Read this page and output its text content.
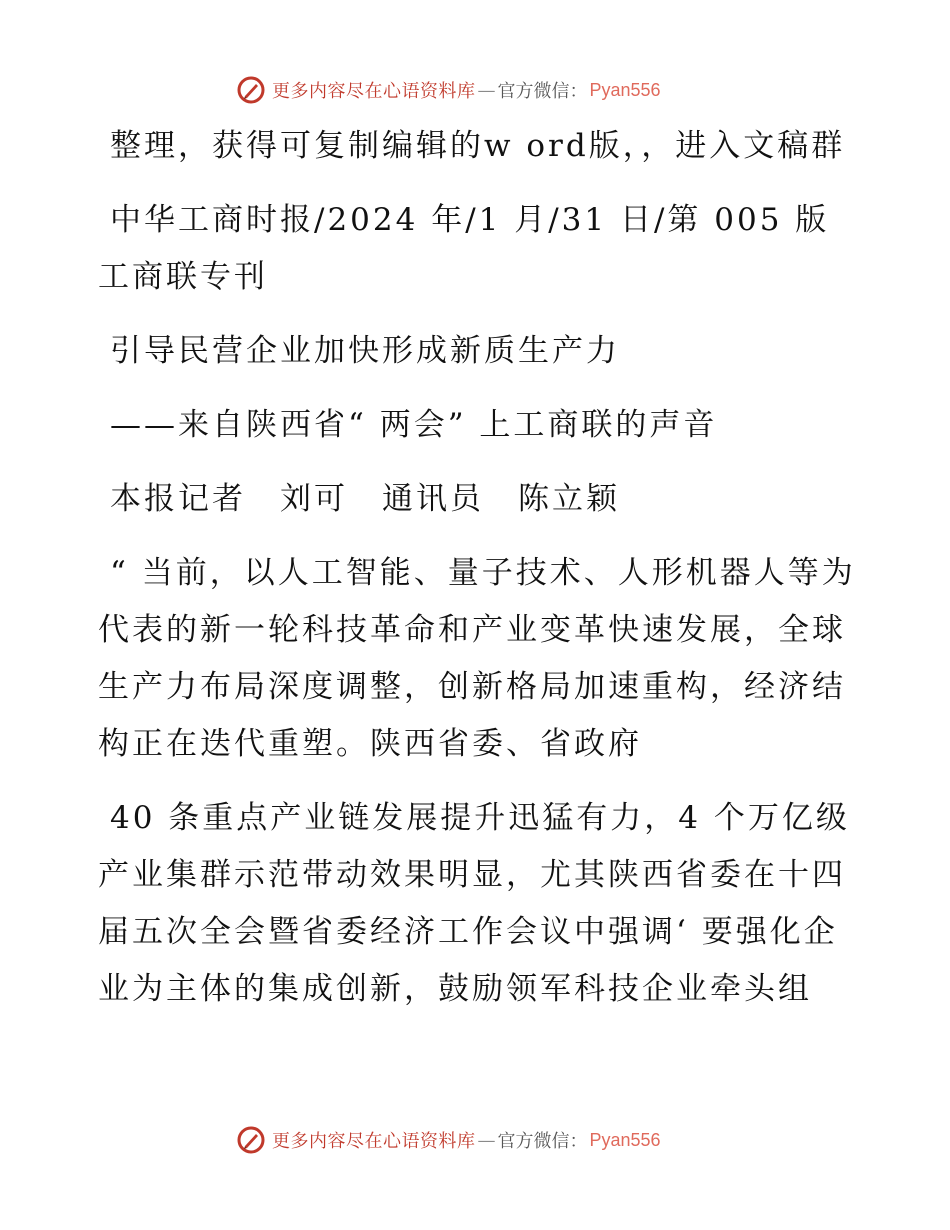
更多内容尽在心语资料库 — 官方微信： Pyan556

整理，获得可复制编辑的w ord版，，进入文稿群

中华工商时报/2024 年/1 月/31 日/第 005 版工商联专刊

引导民营企业加快形成新质生产力

——来自陕西省“ 两会” 上工商联的声音

本报记者　刘可　通讯员　陈立颖

“ 当前，以人工智能、量子技术、人形机器人等为代表的新一轮科技革命和产业变革快速发展，全球生产力布局深度调整，创新格局加速重构，经济结构正在迭代重塑。陕西省委、省政府

40 条重点产业链发展提升迅猛有力，4 个万亿级产业集群示范带动效果明显，尤其陕西省委在十四届五次全会暨省委经济工作会议中强调‘ 要强化企业为主体的集成创新，鼓励领军科技企业牵头组

更多内容尽在心语资料库 — 官方微信： Pyan556
